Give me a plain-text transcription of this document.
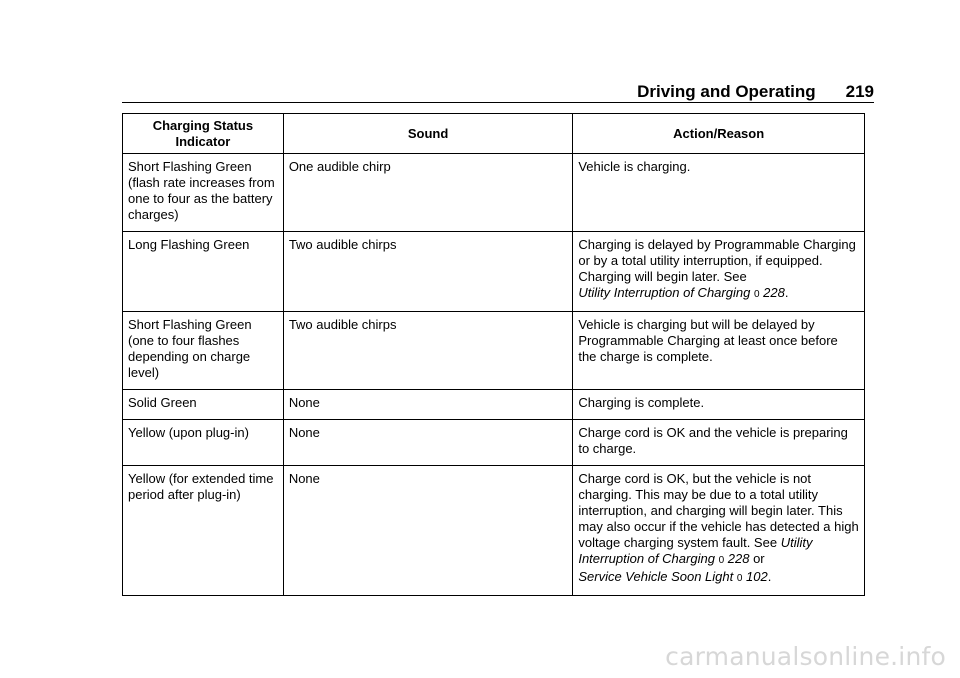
Driving and Operating 219
Charging Status
Indicator	Sound	Action/Reason
Short Flashing Green (flash rate increases from one to four as the battery charges)	One audible chirp	Vehicle is charging.
Long Flashing Green	Two audible chirps	Charging is delayed by Programmable Charging or by a total utility interruption, if equipped. Charging will begin later. See
Utility Interruption of Charging 0 228.
Short Flashing Green (one to four flashes depending on charge level)	Two audible chirps	Vehicle is charging but will be delayed by Programmable Charging at least once before the charge is complete.
Solid Green	None	Charging is complete.
Yellow (upon plug-in)	None	Charge cord is OK and the vehicle is preparing to charge.
Yellow (for extended time period after plug-in)	None	Charge cord is OK, but the vehicle is not charging. This may be due to a total utility interruption, and charging will begin later. This may also occur if the vehicle has detected a high voltage charging system fault. See Utility Interruption of Charging 0 228 or
Service Vehicle Soon Light 0 102.
carmanualsonline.info
